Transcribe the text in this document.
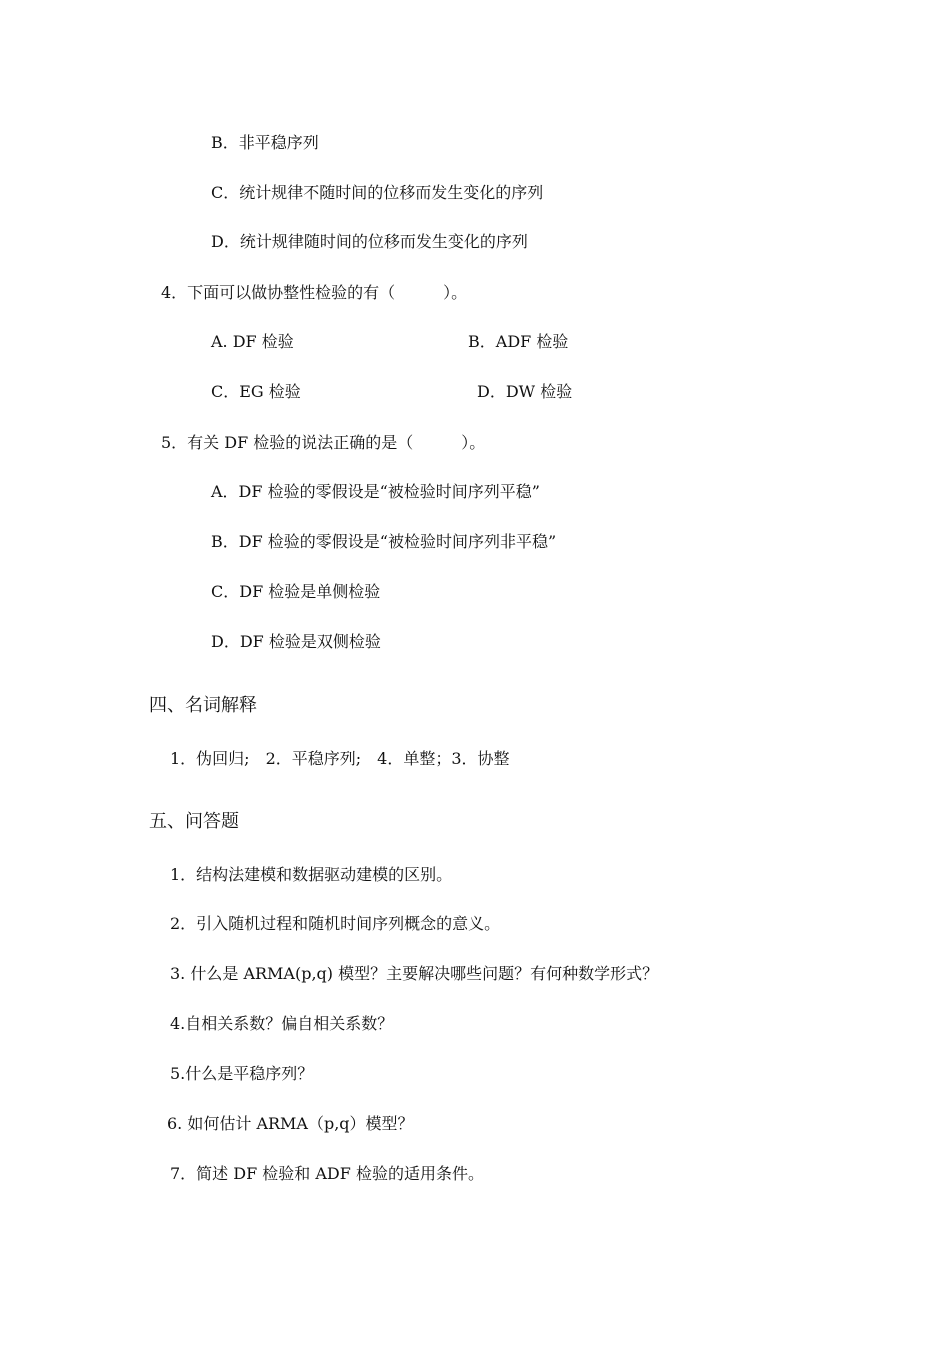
B．非平稳序列
C．统计规律不随时间的位移而发生变化的序列
D．统计规律随时间的位移而发生变化的序列
4．下面可以做协整性检验的有（　　　）。
A. DF 检验	B．ADF 检验
C．EG 检验	D．DW 检验
5．有关 DF 检验的说法正确的是（　　　）。
A．DF 检验的零假设是“被检验时间序列平稳”
B．DF 检验的零假设是“被检验时间序列非平稳”
C．DF 检验是单侧检验
D．DF 检验是双侧检验
四、名词解释
1．伪回归;　2．平稳序列;　4．单整；3．协整
五、问答题
1．结构法建模和数据驱动建模的区别。
2．引入随机过程和随机时间序列概念的意义。
3. 什么是 ARMA(p,q) 模型？主要解决哪些问题？有何种数学形式？
4.自相关系数？偏自相关系数？
5.什么是平稳序列？
6. 如何估计 ARMA（p,q）模型？
7．简述 DF 检验和 ADF 检验的适用条件。
